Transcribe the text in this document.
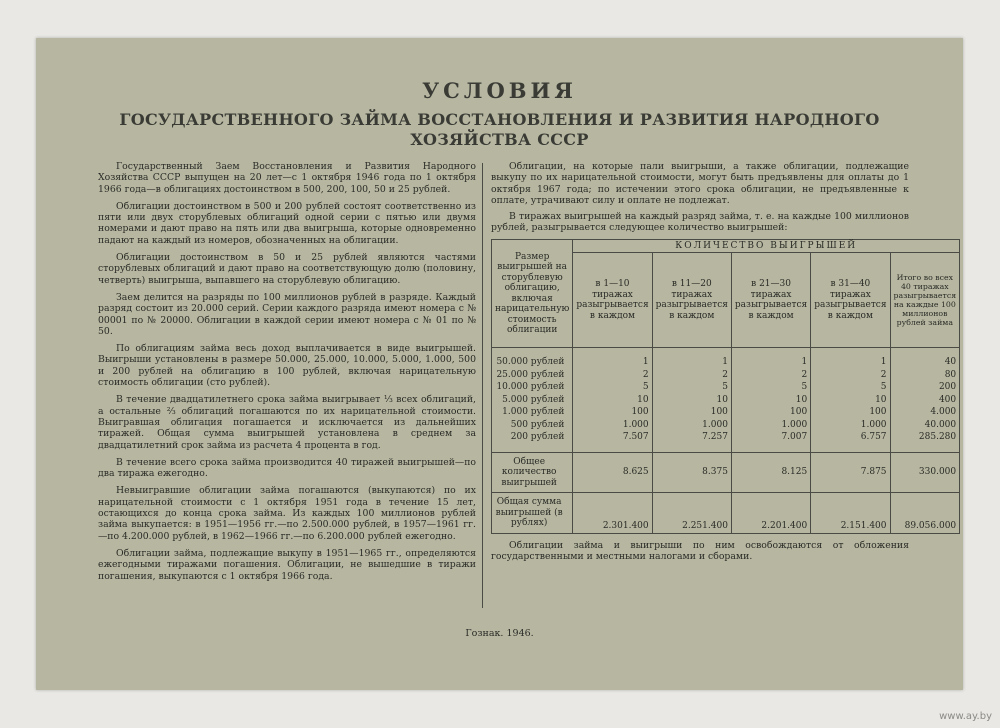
УСЛОВИЯ
ГОСУДАРСТВЕННОГО ЗАЙМА ВОССТАНОВЛЕНИЯ И РАЗВИТИЯ НАРОДНОГО
ХОЗЯЙСТВА СССР

Государственный Заем Восстановления и Развития Народного Хозяйства СССР выпущен на 20 лет—с 1 октября 1946 года по 1 октября 1966 года—в облигациях достоинством в 500, 200, 100, 50 и 25 рублей.

Облигации достоинством в 500 и 200 рублей состоят соответственно из пяти или двух сторублевых облигаций одной серии с пятью или двумя номерами и дают право на пять или два выигрыша, которые одновременно падают на каждый из номеров, обозначенных на облигации.

Облигации достоинством в 50 и 25 рублей являются частями сторублевых облигаций и дают право на соответствующую долю (половину, четверть) выигрыша, выпавшего на сторублевую облигацию.

Заем делится на разряды по 100 миллионов рублей в разряде. Каждый разряд состоит из 20.000 серий. Серии каждого разряда имеют номера с № 00001 по № 20000. Облигации в каждой серии имеют номера с № 01 по № 50.

По облигациям займа весь доход выплачивается в виде выигрышей. Выигрыши установлены в размере 50.000, 25.000, 10.000, 5.000, 1.000, 500 и 200 рублей на облигацию в 100 рублей, включая нарицательную стоимость облигации (сто рублей).

В течение двадцатилетнего срока займа выигрывает ⅓ всех облигаций, а остальные ⅔ облигаций погашаются по их нарицательной стоимости. Выигравшая облигация погашается и исключается из дальнейших тиражей. Общая сумма выигрышей установлена в среднем за двадцатилетний срок займа из расчета 4 процента в год.

В течение всего срока займа производится 40 тиражей выигрышей—по два тиража ежегодно.

Невыигравшие облигации займа погашаются (выкупаются) по их нарицательной стоимости с 1 октября 1951 года в течение 15 лет, остающихся до конца срока займа. Из каждых 100 миллионов рублей займа выкупается: в 1951—1956 гг.—по 2.500.000 рублей, в 1957—1961 гг.—по 4.200.000 рублей, в 1962—1966 гг.—по 6.200.000 рублей ежегодно.

Облигации займа, подлежащие выкупу в 1951—1965 гг., определяются ежегодными тиражами погашения. Облигации, не вышедшие в тиражи погашения, выкупаются с 1 октября 1966 года.

Облигации, на которые пали выигрыши, а также облигации, подлежащие выкупу по их нарицательной стоимости, могут быть предъявлены для оплаты до 1 октября 1967 года; по истечении этого срока облигации, не предъявленные к оплате, утрачивают силу и оплате не подлежат.

В тиражах выигрышей на каждый разряд займа, т. е. на каждые 100 миллионов рублей, разыгрывается следующее количество выигрышей:

Размер выигрышей на сторублевую облигацию, включая нарицательную стоимость облигации	КОЛИЧЕСТВО ВЫИГРЫШЕЙ				
	в 1—10 тиражах разыгрывается в каждом	в 11—20 тиражах разыгрывается в каждом	в 21—30 тиражах разыгрывается в каждом	в 31—40 тиражах разыгрывается в каждом	Итого во всех 40 тиражах разыгрывается на каждые 100 миллионов рублей займа
50.000 рублей	1	1	1	1	40
25.000 рублей	2	2	2	2	80
10.000 рублей	5	5	5	5	200
5.000 рублей	10	10	10	10	400
1.000 рублей	100	100	100	100	4.000
500 рублей	1.000	1.000	1.000	1.000	40.000
200 рублей	7.507	7.257	7.007	6.757	285.280
Общее количество выигрышей	8.625	8.375	8.125	7.875	330.000
Общая сумма выигрышей (в рублях)	2.301.400	2.251.400	2.201.400	2.151.400	89.056.000
Облигации займа и выигрыши по ним освобождаются от обложения государственными и местными налогами и сборами.
Гознак. 1946.
www.ay.by
